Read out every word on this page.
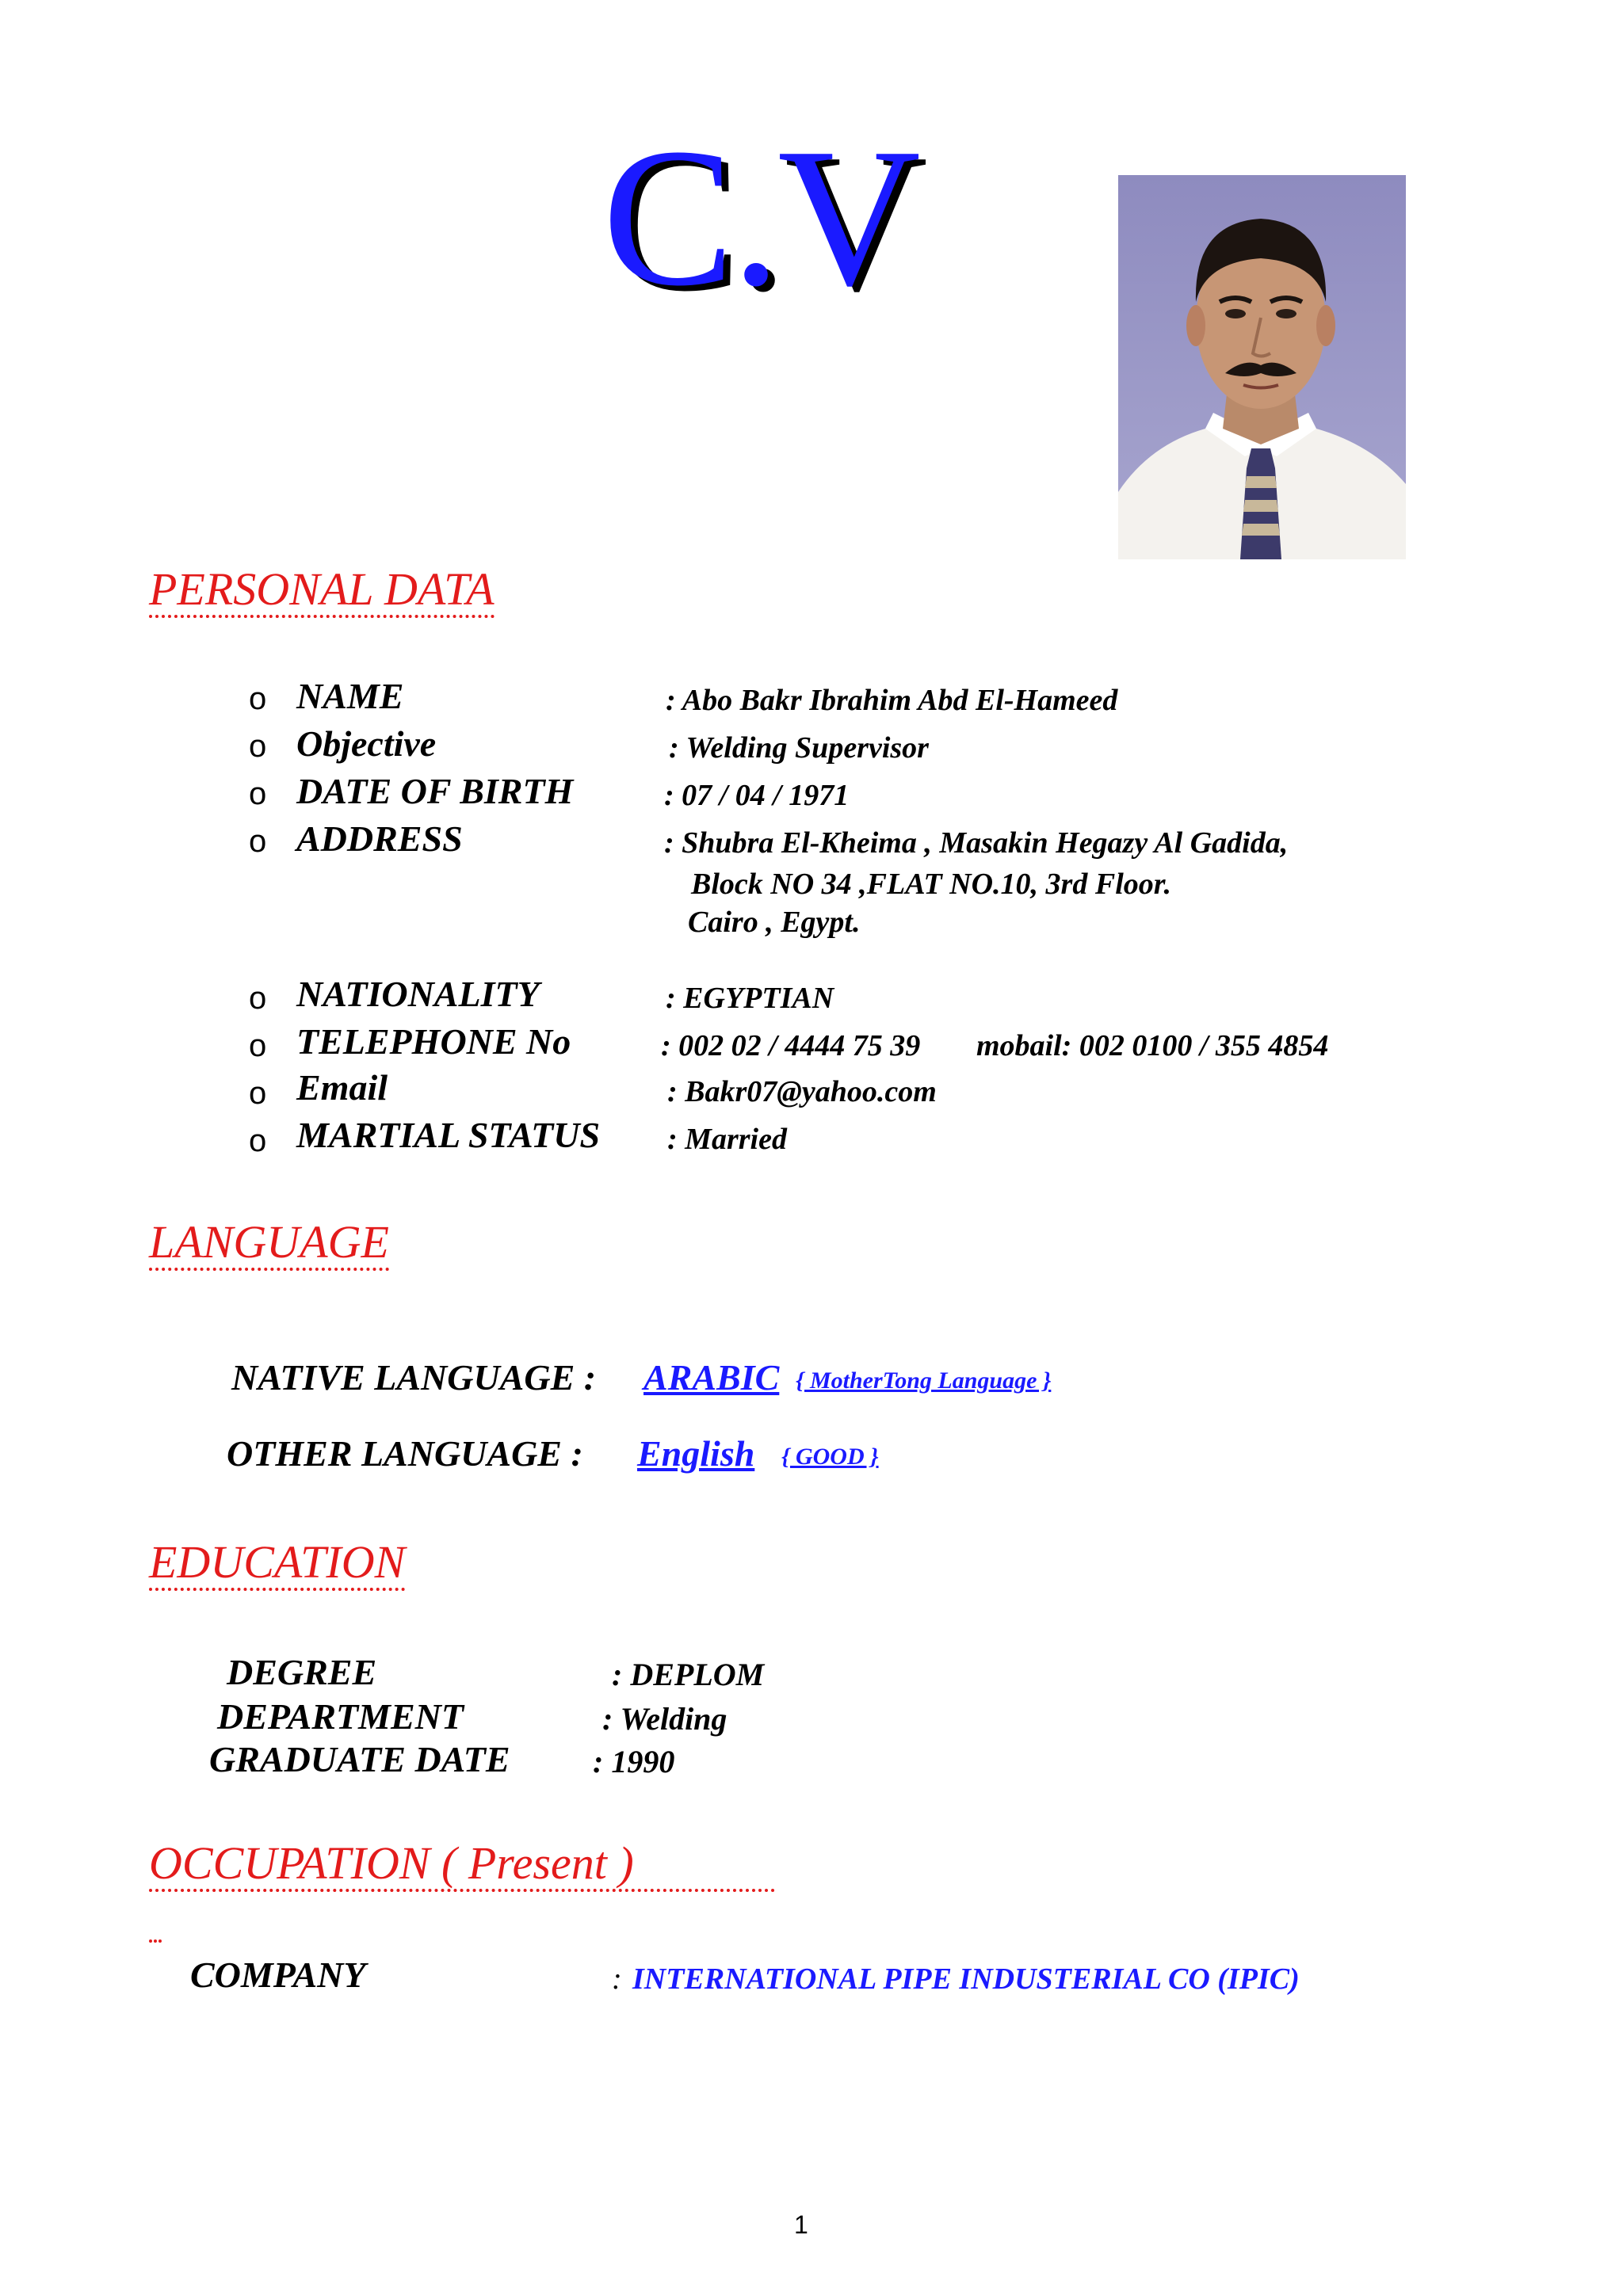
C.V
PERSONAL DATA
o NAME	: Abo Bakr Ibrahim Abd El-Hameed
o Objective	: Welding Supervisor
o DATE OF BIRTH	: 07 / 04 / 1971
o ADDRESS	: Shubra El-Kheima , Masakin Hegazy Al Gadida,
Block NO 34 ,FLAT NO.10, 3rd Floor.
Cairo , Egypt.
o NATIONALITY	: EGYPTIAN
o TELEPHONE No	: 002 02 / 4444 75 39 mobail: 002 0100 / 355 4854
o Email	: Bakr07@yahoo.com
o MARTIAL STATUS : Married
LANGUAGE
NATIVE LANGUAGE : ARABIC { MotherTong Language }
OTHER LANGUAGE : English { GOOD }
EDUCATION
DEGREE	: DEPLOM
DEPARTMENT	: Welding
GRADUATE DATE	: 1990
OCCUPATION ( Present )
COMPANY	: INTERNATIONAL PIPE INDUSTERIAL CO (IPIC)
1
